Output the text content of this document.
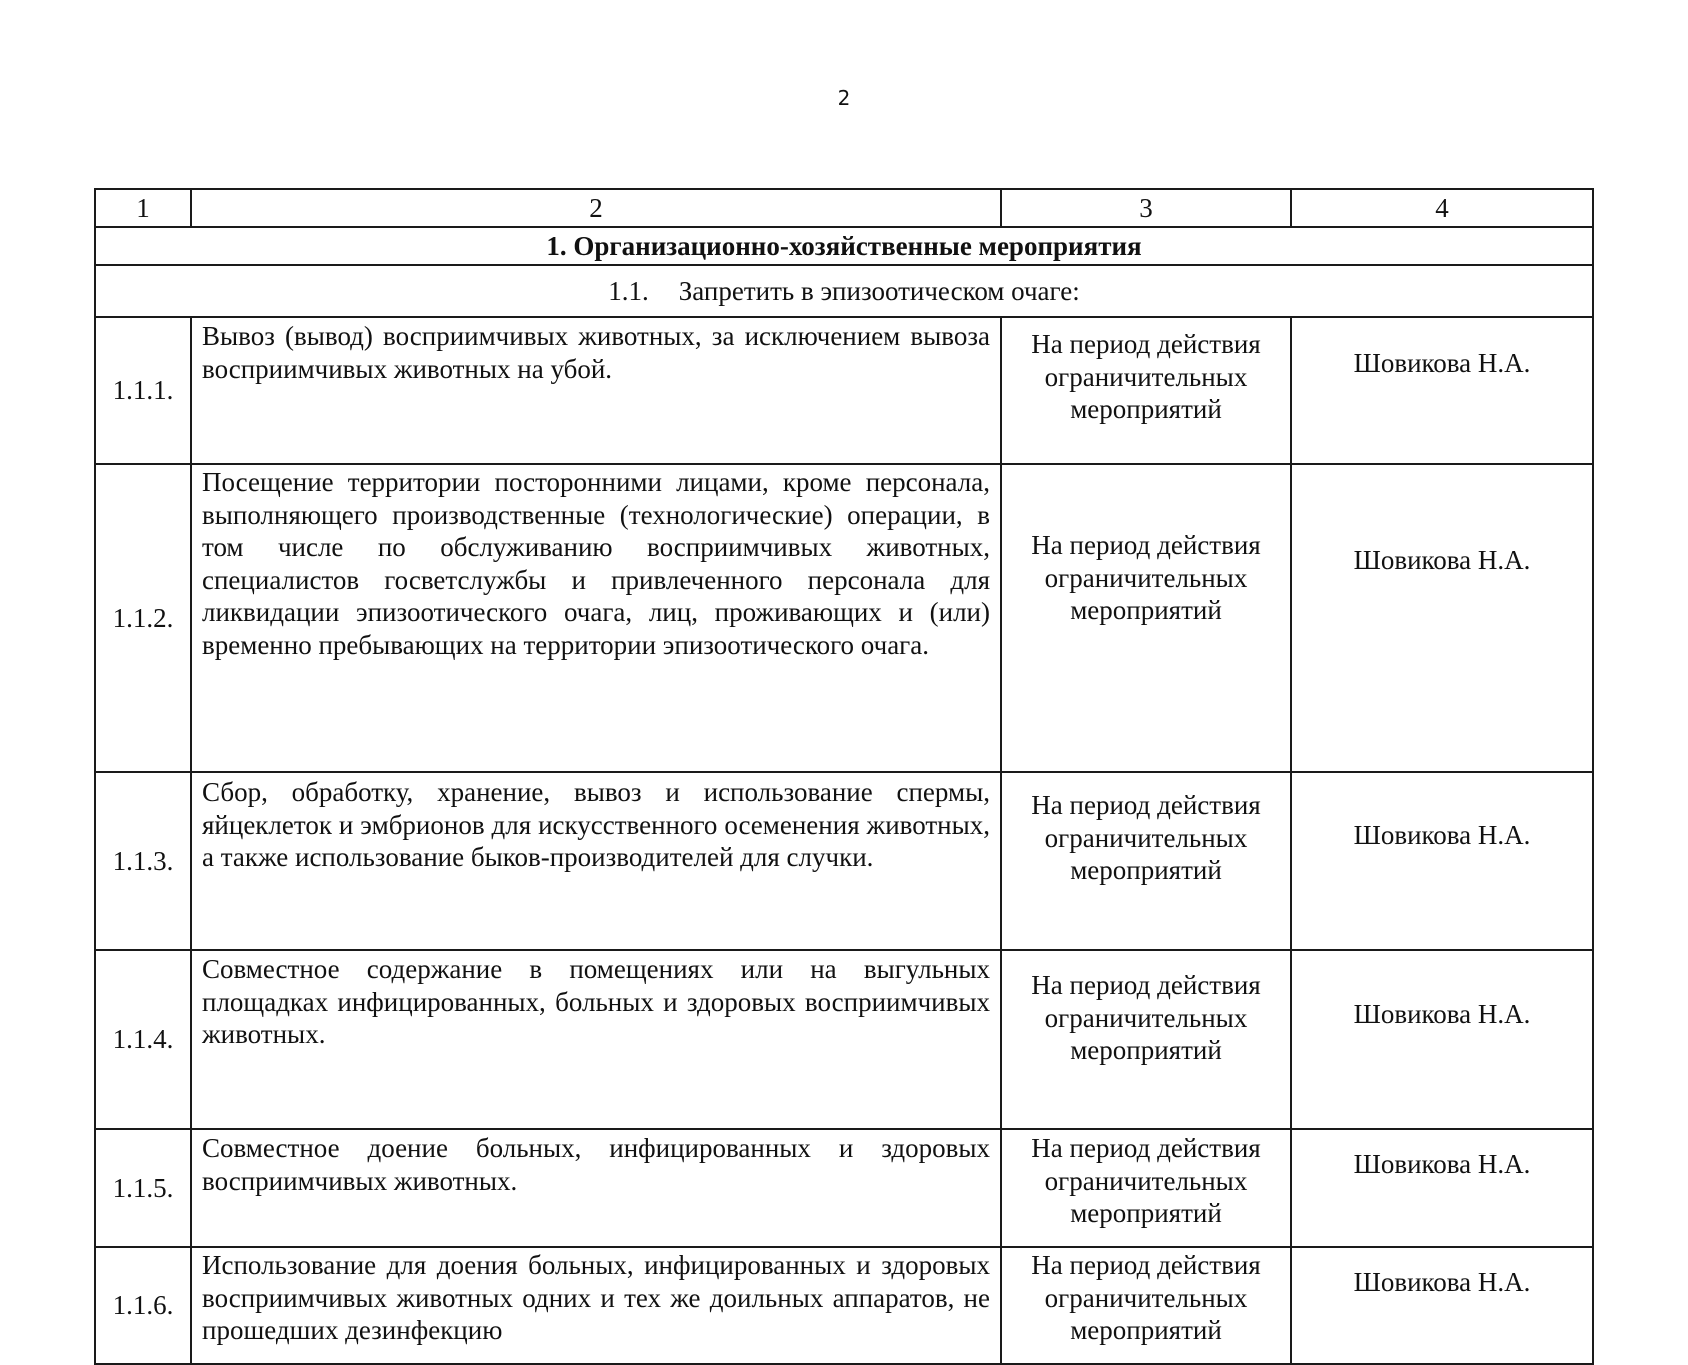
2
1	2	3	4
1. Организационно-хозяйственные мероприятия			
1.1. Запретить в эпизоотическом очаге:			
1.1.1.	Вывоз (вывод) восприимчивых животных, за исключением вывоза восприимчивых животных на убой.	На период действия ограничительных мероприятий	Шовикова Н.А.
1.1.2.	Посещение территории посторонними лицами, кроме персонала, выполняющего производственные (технологические) операции, в том числе по обслуживанию восприимчивых животных, специалистов госветслужбы и привлеченного персонала для ликвидации эпизоотического очага, лиц, проживающих и (или) временно пребывающих на территории эпизоотического очага.	На период действия ограничительных мероприятий	Шовикова Н.А.
1.1.3.	Сбор, обработку, хранение, вывоз и использование спермы, яйцеклеток и эмбрионов для искусственного осеменения животных, а также использование быков-производителей для случки.	На период действия ограничительных мероприятий	Шовикова Н.А.
1.1.4.	Совместное содержание в помещениях или на выгульных площадках инфицированных, больных и здоровых восприимчивых животных.	На период действия ограничительных мероприятий	Шовикова Н.А.
1.1.5.	Совместное доение больных, инфицированных и здоровых восприимчивых животных.	На период действия ограничительных мероприятий	Шовикова Н.А.
1.1.6.	Использование для доения больных, инфицированных и здоровых восприимчивых животных одних и тех же доильных аппаратов, не прошедших дезинфекцию	На период действия ограничительных мероприятий	Шовикова Н.А.
